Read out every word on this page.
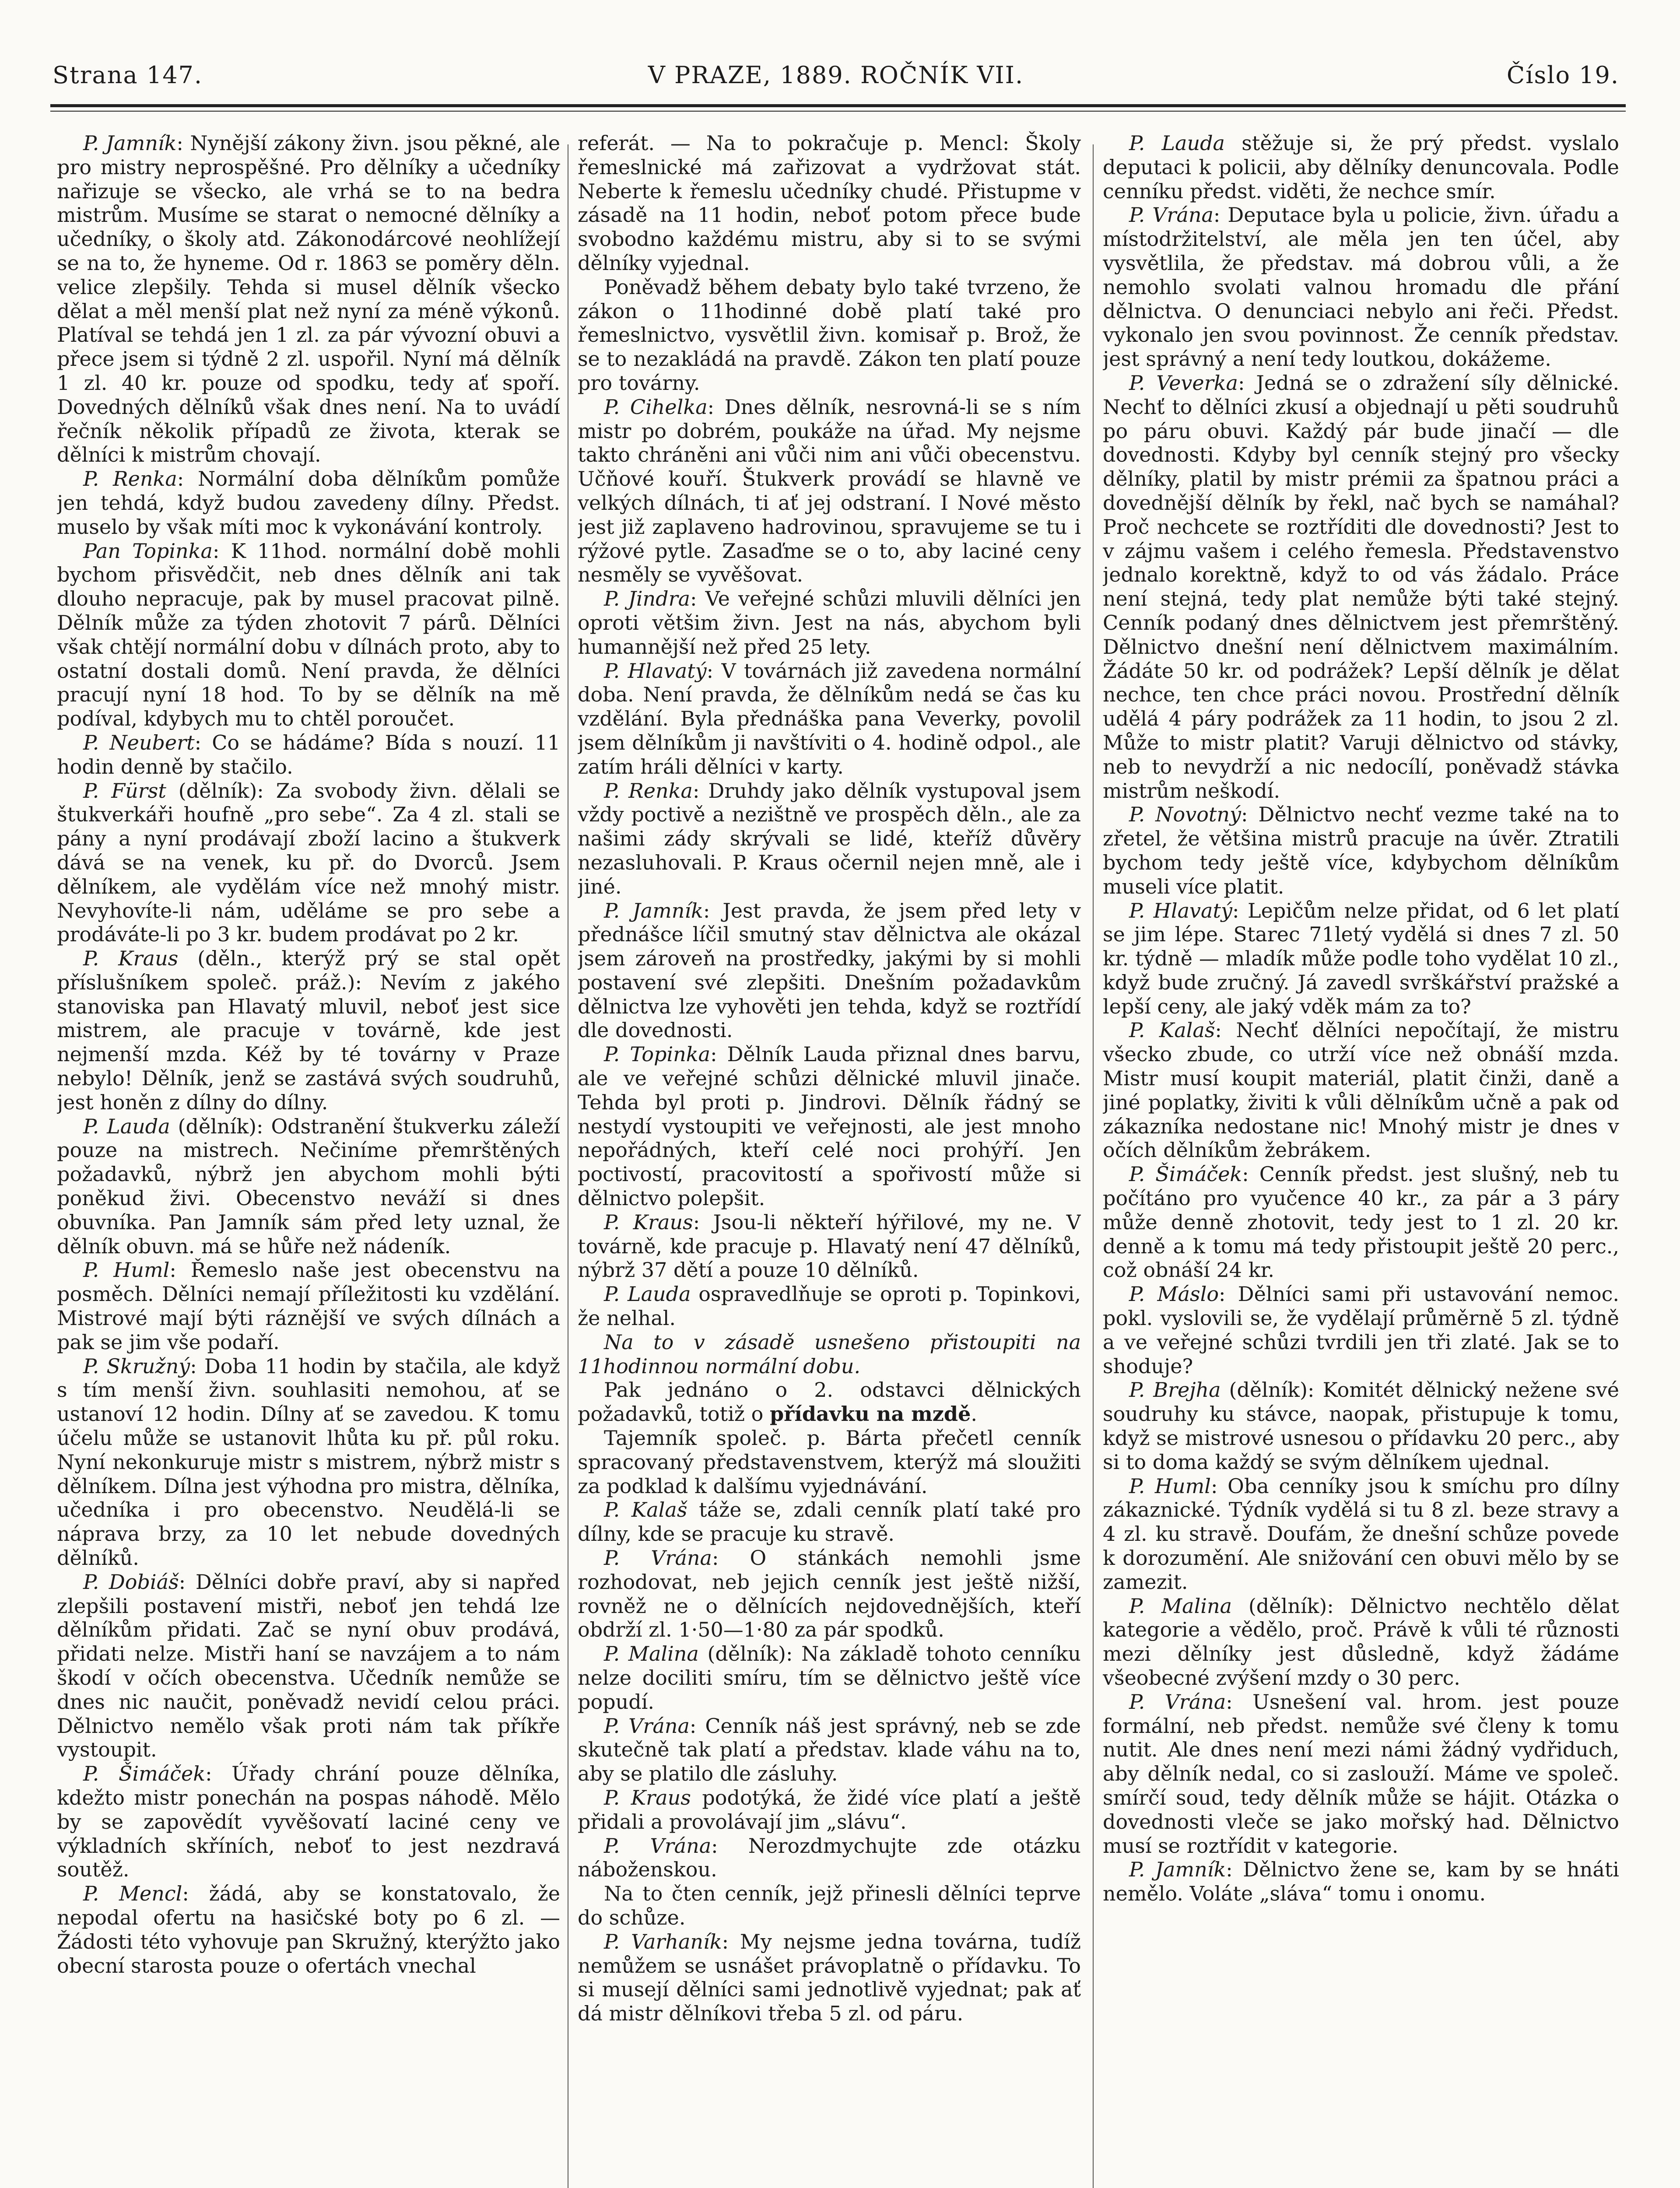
Strana 147.	V PRAZE, 1889. ROČNÍK VII.	Číslo 19.

P. Jamník: Nynější zákony živn. jsou pěkné, ale pro mistry neprospěšné. Pro dělníky a učedníky nařizuje se všecko, ale vrhá se to na bedra mistrům. Musíme se starat o nemocné dělníky a učedníky, o školy atd. Zákonodárcové neohlížejí se na to, že hyneme. Od r. 1863 se poměry děln. velice zlepšily. Tehda si musel dělník všecko dělat a měl menší plat než nyní za méně výkonů. Platíval se tehdá jen 1 zl. za pár vývozní obuvi a přece jsem si týdně 2 zl. uspořil. Nyní má dělník 1 zl. 40 kr. pouze od spodku, tedy ať spoří. Dovedných dělníků však dnes není. Na to uvádí řečník několik případů ze života, kterak se dělníci k mistrům chovají.

P. Renka: Normální doba dělníkům pomůže jen tehdá, když budou zavedeny dílny. Předst. muselo by však míti moc k vykonávání kontroly.

Pan Topinka: K 11hod. normální době mohli bychom přisvědčit, neb dnes dělník ani tak dlouho nepracuje, pak by musel pracovat pilně. Dělník může za týden zhotovit 7 párů. Dělníci však chtějí normální dobu v dílnách proto, aby to ostatní dostali domů. Není pravda, že dělníci pracují nyní 18 hod. To by se dělník na mě podíval, kdybych mu to chtěl poroučet.

P. Neubert: Co se hádáme? Bída s nouzí. 11 hodin denně by stačilo.

P. Fürst (dělník): Za svobody živn. dělali se štukverkáři houfně „pro sebe“. Za 4 zl. stali se pány a nyní prodávají zboží lacino a štukverk dává se na venek, ku př. do Dvorců. Jsem dělníkem, ale vydělám více než mnohý mistr. Nevyhovíte-li nám, uděláme se pro sebe a prodáváte-li po 3 kr. budem prodávat po 2 kr.

P. Kraus (děln., kterýž prý se stal opět příslušníkem společ. práž.): Nevím z jakého stanoviska pan Hlavatý mluvil, neboť jest sice mistrem, ale pracuje v továrně, kde jest nejmenší mzda. Kéž by té továrny v Praze nebylo! Dělník, jenž se zastává svých soudruhů, jest honěn z dílny do dílny.

P. Lauda (dělník): Odstranění štukverku záleží pouze na mistrech. Nečiníme přemrštěných požadavků, nýbrž jen abychom mohli býti poněkud živi. Obecenstvo neváží si dnes obuvníka. Pan Jamník sám před lety uznal, že dělník obuvn. má se hůře než nádeník.

P. Huml: Řemeslo naše jest obecenstvu na posměch. Dělníci nemají příležitosti ku vzdělání. Mistrové mají býti ráznější ve svých dílnách a pak se jim vše podaří.

P. Skružný: Doba 11 hodin by stačila, ale když s tím menší živn. souhlasiti nemohou, ať se ustanoví 12 hodin. Dílny ať se zavedou. K tomu účelu může se ustanovit lhůta ku př. půl roku. Nyní nekonkuruje mistr s mistrem, nýbrž mistr s dělníkem. Dílna jest výhodna pro mistra, dělníka, učedníka i pro obecenstvo. Neudělá-li se náprava brzy, za 10 let nebude dovedných dělníků.

P. Dobiáš: Dělníci dobře praví, aby si napřed zlepšili postavení mistři, neboť jen tehdá lze dělníkům přidati. Zač se nyní obuv prodává, přidati nelze. Mistři haní se navzájem a to nám škodí v očích obecenstva. Učedník nemůže se dnes nic naučit, poněvadž nevidí celou práci. Dělnictvo nemělo však proti nám tak příkře vystoupit.

P. Šimáček: Úřady chrání pouze dělníka, kdežto mistr ponechán na pospas náhodě. Mělo by se zapovědít vyvěšovatí laciné ceny ve výkladních skříních, neboť to jest nezdravá soutěž.

P. Mencl: žádá, aby se konstatovalo, že nepodal ofertu na hasičské boty po 6 zl. — Žádosti této vyhovuje pan Skružný, kterýžto jako obecní starosta pouze o ofertách vnechal

referát. — Na to pokračuje p. Mencl: Školy řemeslnické má zařizovat a vydržovat stát. Neberte k řemeslu učedníky chudé. Přistupme v zásadě na 11 hodin, neboť potom přece bude svobodno každému mistru, aby si to se svými dělníky vyjednal.

Poněvadž během debaty bylo také tvrzeno, že zákon o 11hodinné době platí také pro řemeslnictvo, vysvětlil živn. komisař p. Brož, že se to nezakládá na pravdě. Zákon ten platí pouze pro továrny.

P. Cihelka: Dnes dělník, nesrovná-li se s ním mistr po dobrém, poukáže na úřad. My nejsme takto chráněni ani vůči nim ani vůči obecenstvu. Učňové kouří. Štukverk provádí se hlavně ve velkých dílnách, ti ať jej odstraní. I Nové město jest již zaplaveno hadrovinou, spravujeme se tu i rýžové pytle. Zasaďme se o to, aby laciné ceny nesměly se vyvěšovat.

P. Jindra: Ve veřejné schůzi mluvili dělníci jen oproti většim živn. Jest na nás, abychom byli humannější než před 25 lety.

P. Hlavatý: V továrnách již zavedena normální doba. Není pravda, že dělníkům nedá se čas ku vzdělání. Byla přednáška pana Veverky, povolil jsem dělníkům ji navštíviti o 4. hodině odpol., ale zatím hráli dělníci v karty.

P. Renka: Druhdy jako dělník vystupoval jsem vždy poctivě a nezištně ve prospěch děln., ale za našimi zády skrývali se lidé, kteříž důvěry nezasluhovali. P. Kraus očernil nejen mně, ale i jiné.

P. Jamník: Jest pravda, že jsem před lety v přednášce líčil smutný stav dělnictva ale okázal jsem zároveň na prostředky, jakými by si mohli postavení své zlepšiti. Dnešním požadavkům dělnictva lze vyhověti jen tehda, když se roztřídí dle dovednosti.

P. Topinka: Dělník Lauda přiznal dnes barvu, ale ve veřejné schůzi dělnické mluvil jinače. Tehda byl proti p. Jindrovi. Dělník řádný se nestydí vystoupiti ve veřejnosti, ale jest mnoho nepořádných, kteří celé noci prohýří. Jen poctivostí, pracovitostí a spořivostí může si dělnictvo polepšit.

P. Kraus: Jsou-li někteří hýřilové, my ne. V továrně, kde pracuje p. Hlavatý není 47 dělníků, nýbrž 37 dětí a pouze 10 dělníků.

P. Lauda ospravedlňuje se oproti p. Topinkovi, že nelhal.

Na to v zásadě usnešeno přistoupiti na 11hodinnou normální dobu.

Pak jednáno o 2. odstavci dělnických požadavků, totiž o přídavku na mzdě.

Tajemník společ. p. Bárta přečetl cenník spracovaný představenstvem, kterýž má sloužiti za podklad k dalšímu vyjednávání.

P. Kalaš táže se, zdali cenník platí také pro dílny, kde se pracuje ku stravě.

P. Vrána: O stánkách nemohli jsme rozhodovat, neb jejich cenník jest ještě nižší, rovněž ne o dělnících nejdovednějších, kteří obdrží zl. 1·50—1·80 za pár spodků.

P. Malina (dělník): Na základě tohoto cenníku nelze dociliti smíru, tím se dělnictvo ještě více popudí.

P. Vrána: Cenník náš jest správný, neb se zde skutečně tak platí a představ. klade váhu na to, aby se platilo dle zásluhy.

P. Kraus podotýká, že židé více platí a ještě přidali a provolávají jim „slávu“.

P. Vrána: Nerozdmychujte zde otázku náboženskou.

Na to čten cenník, jejž přinesli dělníci teprve do schůze.

P. Varhaník: My nejsme jedna továrna, tudíž nemůžem se usnášet právoplatně o přídavku. To si musejí dělníci sami jednotlivě vyjednat; pak ať dá mistr dělníkovi třeba 5 zl. od páru.

P. Lauda stěžuje si, že prý předst. vyslalo deputaci k policii, aby dělníky denuncovala. Podle cenníku předst. viděti, že nechce smír.

P. Vrána: Deputace byla u policie, živn. úřadu a místodržitelství, ale měla jen ten účel, aby vysvětlila, že představ. má dobrou vůli, a že nemohlo svolati valnou hromadu dle přání dělnictva. O denunciaci nebylo ani řeči. Předst. vykonalo jen svou povinnost. Že cenník představ. jest správný a není tedy loutkou, dokážeme.

P. Veverka: Jedná se o zdražení síly dělnické. Nechť to dělníci zkusí a objednají u pěti soudruhů po páru obuvi. Každý pár bude jinačí — dle dovednosti. Kdyby byl cenník stejný pro všecky dělníky, platil by mistr prémii za špatnou práci a dovednější dělník by řekl, nač bych se namáhal? Proč nechcete se roztříditi dle dovednosti? Jest to v zájmu vašem i celého řemesla. Představenstvo jednalo korektně, když to od vás žádalo. Práce není stejná, tedy plat nemůže býti také stejný. Cenník podaný dnes dělnictvem jest přemrštěný. Dělnictvo dnešní není dělnictvem maximálním. Žádáte 50 kr. od podrážek? Lepší dělník je dělat nechce, ten chce práci novou. Prostřední dělník udělá 4 páry podrážek za 11 hodin, to jsou 2 zl. Může to mistr platit? Varuji dělnictvo od stávky, neb to nevydrží a nic nedocílí, poněvadž stávka mistrům neškodí.

P. Novotný: Dělnictvo nechť vezme také na to zřetel, že většina mistrů pracuje na úvěr. Ztratili bychom tedy ještě více, kdybychom dělníkům museli více platit.

P. Hlavatý: Lepičům nelze přidat, od 6 let platí se jim lépe. Starec 71letý vydělá si dnes 7 zl. 50 kr. týdně — mladík může podle toho vydělat 10 zl., když bude zručný. Já zavedl svrškářství pražské a lepší ceny, ale jaký vděk mám za to?

P. Kalaš: Nechť dělníci nepočítají, že mistru všecko zbude, co utrží více než obnáší mzda. Mistr musí koupit materiál, platit činži, daně a jiné poplatky, živiti k vůli dělníkům učně a pak od zákazníka nedostane nic! Mnohý mistr je dnes v očích dělníkům žebrákem.

P. Šimáček: Cenník předst. jest slušný, neb tu počítáno pro vyučence 40 kr., za pár a 3 páry může denně zhotovit, tedy jest to 1 zl. 20 kr. denně a k tomu má tedy přistoupit ještě 20 perc., což obnáší 24 kr.

P. Máslo: Dělníci sami při ustavování nemoc. pokl. vyslovili se, že vydělají průměrně 5 zl. týdně a ve veřejné schůzi tvrdili jen tři zlaté. Jak se to shoduje?

P. Brejha (dělník): Komitét dělnický nežene své soudruhy ku stávce, naopak, přistupuje k tomu, když se mistrové usnesou o přídavku 20 perc., aby si to doma každý se svým dělníkem ujednal.

P. Huml: Oba cenníky jsou k smíchu pro dílny zákaznické. Týdník vydělá si tu 8 zl. beze stravy a 4 zl. ku stravě. Doufám, že dnešní schůze povede k dorozumění. Ale snižování cen obuvi mělo by se zamezit.

P. Malina (dělník): Dělnictvo nechtělo dělat kategorie a vědělo, proč. Právě k vůli té různosti mezi dělníky jest důsledně, když žádáme všeobecné zvýšení mzdy o 30 perc.

P. Vrána: Usnešení val. hrom. jest pouze formální, neb předst. nemůže své členy k tomu nutit. Ale dnes není mezi námi žádný vydřiduch, aby dělník nedal, co si zaslouží. Máme ve společ. smírčí soud, tedy dělník může se hájit. Otázka o dovednosti vleče se jako mořský had. Dělnictvo musí se roztřídit v kategorie.

P. Jamník: Dělnictvo žene se, kam by se hnáti nemělo. Voláte „sláva“ tomu i onomu.
